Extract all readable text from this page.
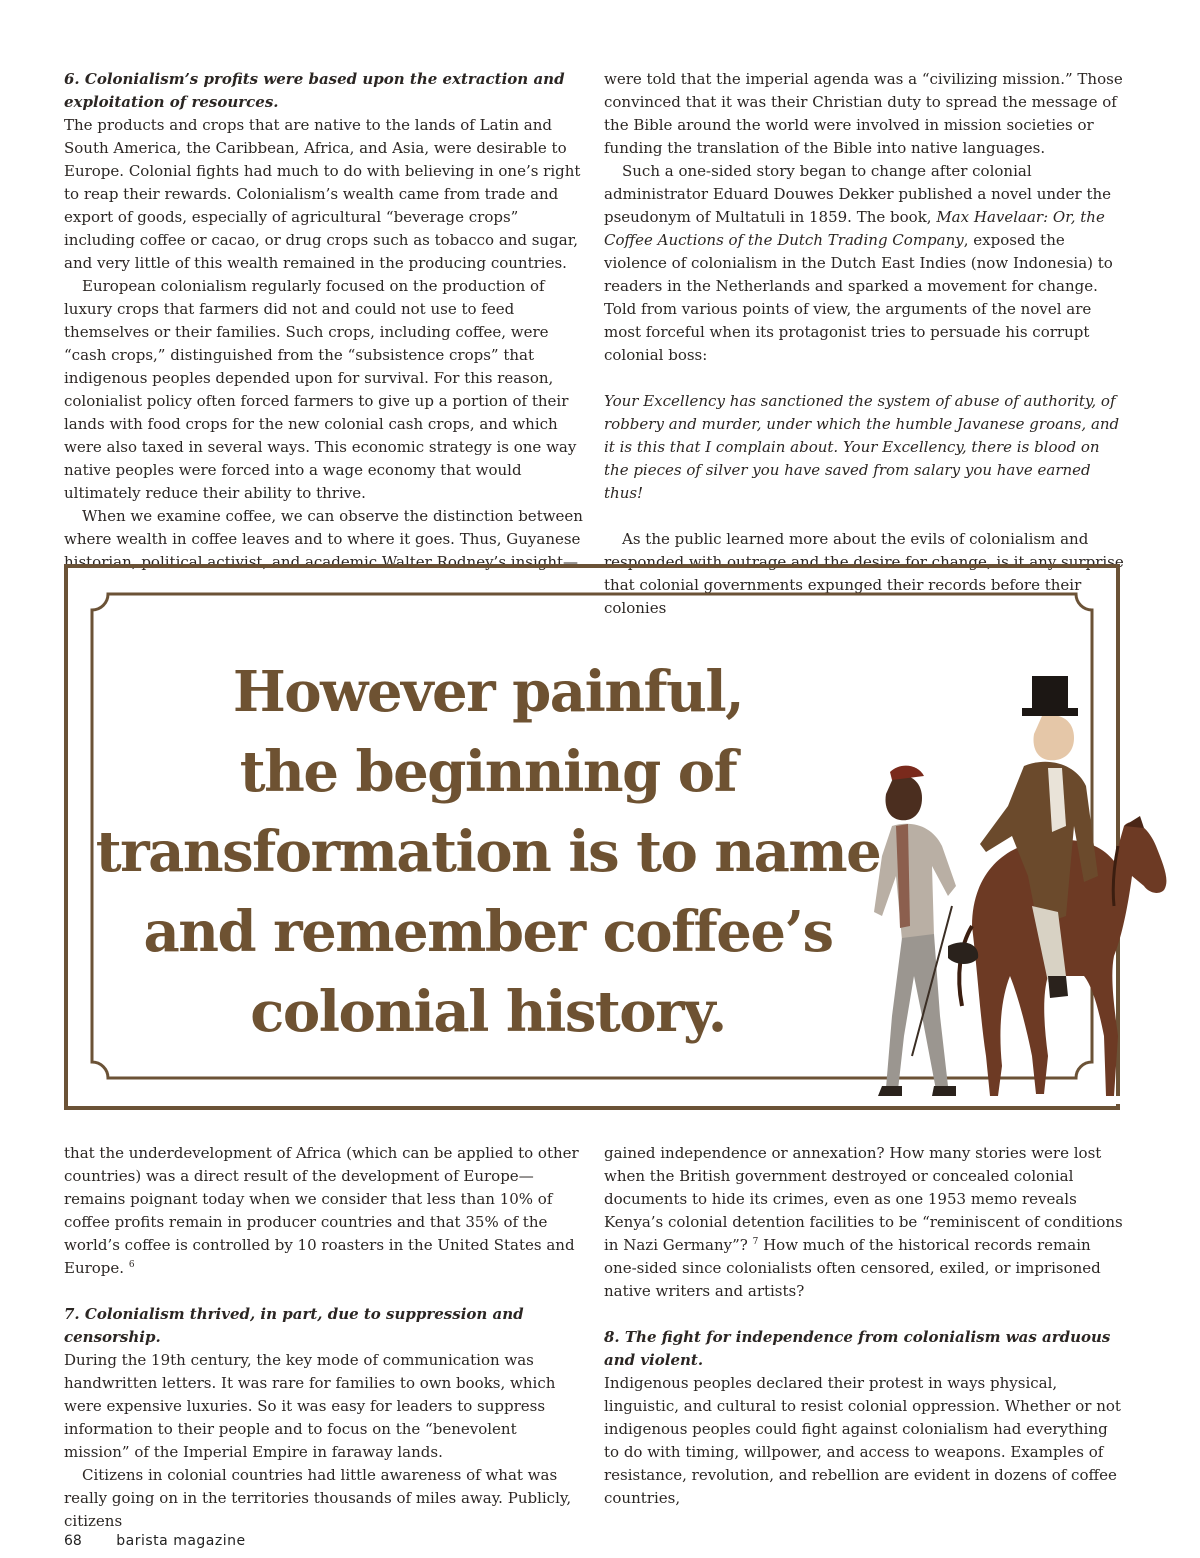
6. Colonialism’s profits were based upon the extraction and exploitation of resources.

The products and crops that are native to the lands of Latin and South America, the Caribbean, Africa, and Asia, were desirable to Europe. Colonial fights had much to do with believing in one’s right to reap their rewards. Colonialism’s wealth came from trade and export of goods, especially of agricultural “beverage crops” including coffee or cacao, or drug crops such as tobacco and sugar, and very little of this wealth remained in the producing countries.

European colonialism regularly focused on the production of luxury crops that farmers did not and could not use to feed themselves or their families. Such crops, including coffee, were “cash crops,” distinguished from the “subsistence crops” that indigenous peoples depended upon for survival. For this reason, colonialist policy often forced farmers to give up a portion of their lands with food crops for the new colonial cash crops, and which were also taxed in several ways. This economic strategy is one way native peoples were forced into a wage economy that would ultimately reduce their ability to thrive.

When we examine coffee, we can observe the distinction between where wealth in coffee leaves and to where it goes. Thus, Guyanese historian, political activist, and academic Walter Rodney’s insight—

were told that the imperial agenda was a “civilizing mission.” Those convinced that it was their Christian duty to spread the message of the Bible around the world were involved in mission societies or funding the translation of the Bible into native languages.

Such a one-sided story began to change after colonial administrator Eduard Douwes Dekker published a novel under the pseudonym of Multatuli in 1859. The book, Max Havelaar: Or, the Coffee Auctions of the Dutch Trading Company, exposed the violence of colonialism in the Dutch East Indies (now Indonesia) to readers in the Netherlands and sparked a movement for change. Told from various points of view, the arguments of the novel are most forceful when its protagonist tries to persuade his corrupt colonial boss:

Your Excellency has sanctioned the system of abuse of authority, of robbery and murder, under which the humble Javanese groans, and it is this that I complain about. Your Excellency, there is blood on the pieces of silver you have saved from salary you have earned thus!

As the public learned more about the evils of colonialism and responded with outrage and the desire for change, is it any surprise that colonial governments expunged their records before their colonies

However painful,
the beginning of
transformation is to name
and remember coffee’s
colonial history.

that the underdevelopment of Africa (which can be applied to other countries) was a direct result of the development of Europe—remains poignant today when we consider that less than 10% of coffee profits remain in producer countries and that 35% of the world’s coffee is controlled by 10 roasters in the United States and Europe. $^6$

7. Colonialism thrived, in part, due to suppression and censorship.

During the 19th century, the key mode of communication was handwritten letters. It was rare for families to own books, which were expensive luxuries. So it was easy for leaders to suppress information to their people and to focus on the “benevolent mission” of the Imperial Empire in faraway lands.

Citizens in colonial countries had little awareness of what was really going on in the territories thousands of miles away. Publicly, citizens

gained independence or annexation? How many stories were lost when the British government destroyed or concealed colonial documents to hide its crimes, even as one 1953 memo reveals Kenya’s colonial detention facilities to be “reminiscent of conditions in Nazi Germany”? $^7$ How much of the historical records remain one-sided since colonialists often censored, exiled, or imprisoned native writers and artists?

8. The fight for independence from colonialism was arduous and violent.

Indigenous peoples declared their protest in ways physical, linguistic, and cultural to resist colonial oppression. Whether or not indigenous peoples could fight against colonialism had everything to do with timing, willpower, and access to weapons. Examples of resistance, revolution, and rebellion are evident in dozens of coffee countries,

68 barista magazine
